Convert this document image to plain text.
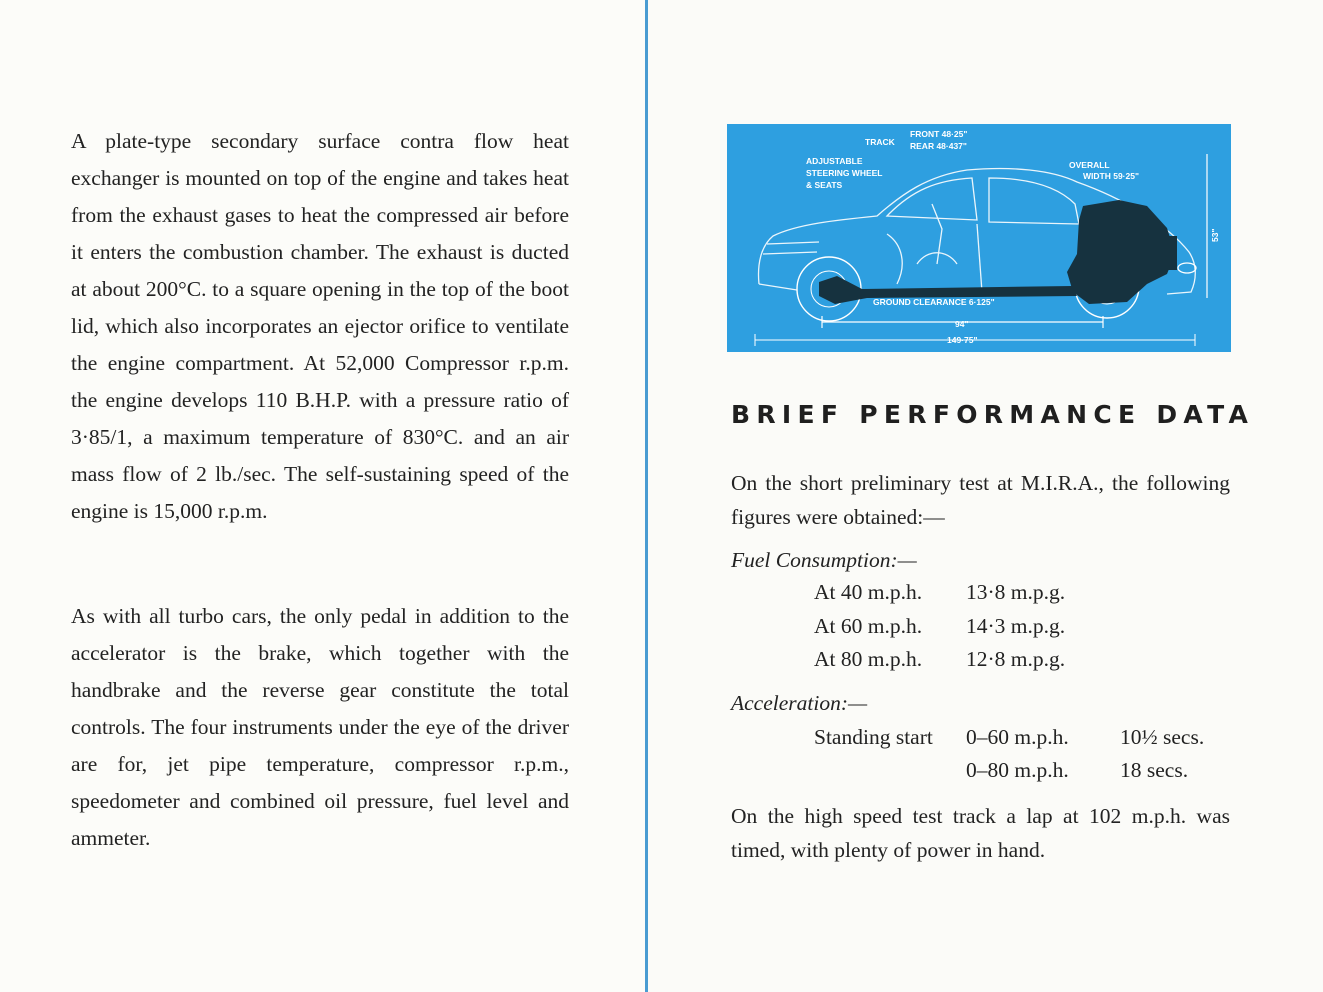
A plate-type secondary surface contra flow heat exchanger is mounted on top of the engine and takes heat from the exhaust gases to heat the compressed air before it enters the combustion chamber. The exhaust is ducted at about 200°C. to a square opening in the top of the boot lid, which also incorporates an ejector orifice to ventilate the engine compartment. At 52,000 Compressor r.p.m. the engine develops 110 B.H.P. with a pressure ratio of 3·85/1, a maximum temperature of 830°C. and an air mass flow of 2 lb./sec. The self-sustaining speed of the engine is 15,000 r.p.m.

As with all turbo cars, the only pedal in addition to the accelerator is the brake, which together with the handbrake and the reverse gear constitute the total controls. The four instruments under the eye of the driver are for, jet pipe temperature, compressor r.p.m., speedometer and combined oil pressure, fuel level and ammeter.

TRACK
FRONT 48·25"
REAR 48·437"
ADJUSTABLE
STEERING WHEEL
& SEATS
OVERALL
WIDTH 59·25"
53"
GROUND CLEARANCE 6·125"
94"
149·75"
BRIEF PERFORMANCE DATA

On the short preliminary test at M.I.R.A., the following figures were obtained:—

Fuel Consumption:—

At 40 m.p.h. 13·8 m.p.g.
At 60 m.p.h. 14·3 m.p.g.
At 80 m.p.h. 12·8 m.p.g.

Acceleration:—

Standing start 0–60 m.p.h. 10½ secs.
0–80 m.p.h. 18 secs.

On the high speed test track a lap at 102 m.p.h. was timed, with plenty of power in hand.
